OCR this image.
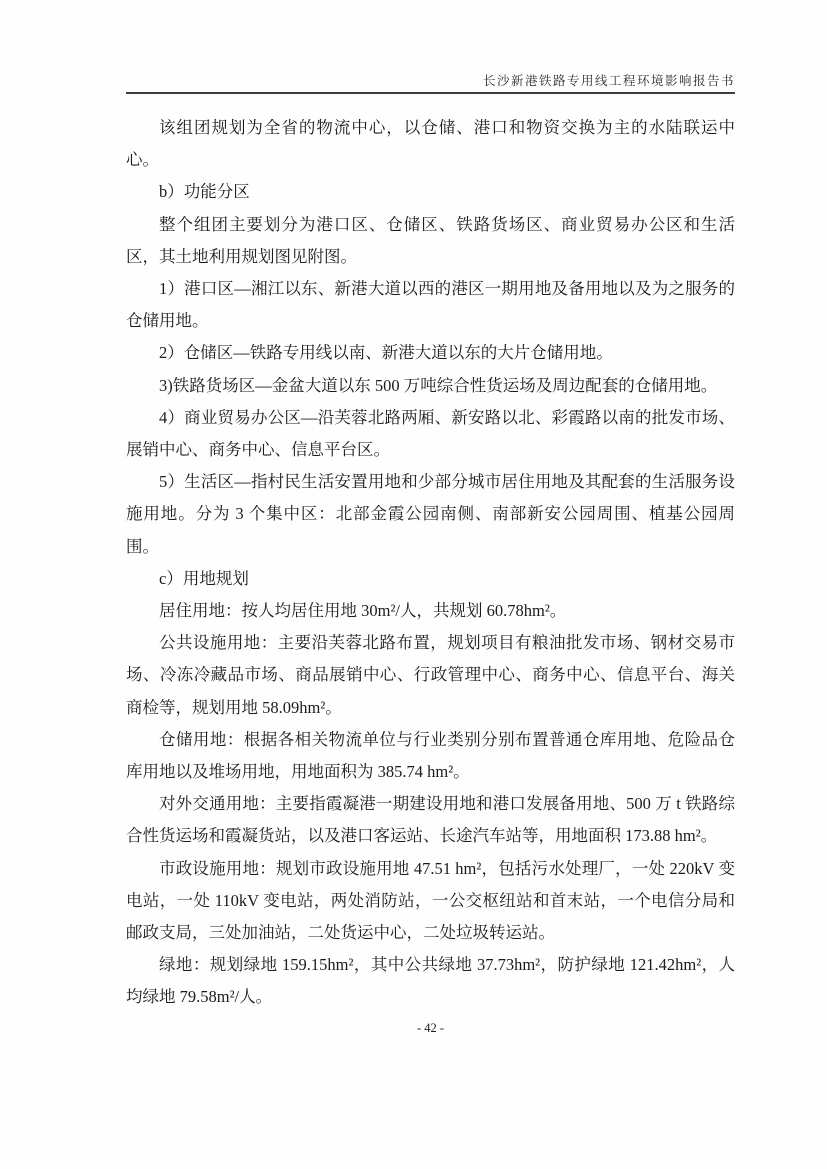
长沙新港铁路专用线工程环境影响报告书

该组团规划为全省的物流中心，以仓储、港口和物资交换为主的水陆联运中心。

b）功能分区

整个组团主要划分为港口区、仓储区、铁路货场区、商业贸易办公区和生活区，其土地利用规划图见附图。

1）港口区—湘江以东、新港大道以西的港区一期用地及备用地以及为之服务的仓储用地。

2）仓储区—铁路专用线以南、新港大道以东的大片仓储用地。

3)铁路货场区—金盆大道以东 500 万吨综合性货运场及周边配套的仓储用地。

4）商业贸易办公区—沿芙蓉北路两厢、新安路以北、彩霞路以南的批发市场、展销中心、商务中心、信息平台区。

5）生活区—指村民生活安置用地和少部分城市居住用地及其配套的生活服务设施用地。分为 3 个集中区：北部金霞公园南侧、南部新安公园周围、植基公园周围。

c）用地规划

居住用地：按人均居住用地 30m²/人，共规划 60.78hm²。

公共设施用地：主要沿芙蓉北路布置，规划项目有粮油批发市场、钢材交易市场、冷冻冷藏品市场、商品展销中心、行政管理中心、商务中心、信息平台、海关商检等，规划用地 58.09hm²。

仓储用地：根据各相关物流单位与行业类别分别布置普通仓库用地、危险品仓库用地以及堆场用地，用地面积为 385.74 hm²。

对外交通用地：主要指霞凝港一期建设用地和港口发展备用地、500 万 t 铁路综合性货运场和霞凝货站，以及港口客运站、长途汽车站等，用地面积 173.88 hm²。

市政设施用地：规划市政设施用地 47.51 hm²，包括污水处理厂，一处 220kV 变电站，一处 110kV 变电站，两处消防站，一公交枢纽站和首末站，一个电信分局和邮政支局，三处加油站，二处货运中心，二处垃圾转运站。

绿地：规划绿地 159.15hm²，其中公共绿地 37.73hm²，防护绿地 121.42hm²，人均绿地 79.58m²/人。

- 42 -
